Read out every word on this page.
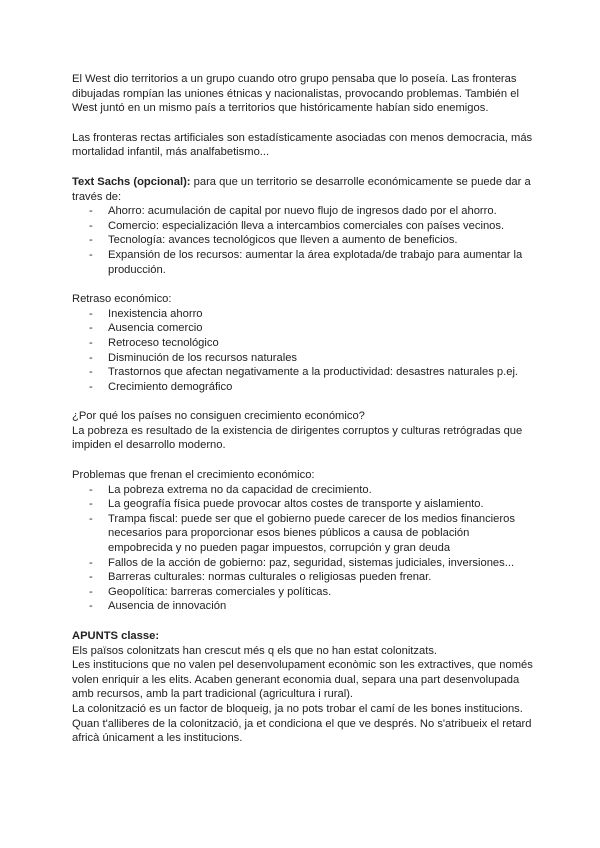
El West dio territorios a un grupo cuando otro grupo pensaba que lo poseía. Las fronteras dibujadas rompían las uniones étnicas y nacionalistas, provocando problemas. También el West juntó en un mismo país a territorios que históricamente habían sido enemigos.

Las fronteras rectas artificiales son estadísticamente asociadas con menos democracia, más mortalidad infantil, más analfabetismo...

Text Sachs (opcional): para que un territorio se desarrolle económicamente se puede dar a través de:

- Ahorro: acumulación de capital por nuevo flujo de ingresos dado por el ahorro.
- Comercio: especialización lleva a intercambios comerciales con países vecinos.
- Tecnología: avances tecnológicos que lleven a aumento de beneficios.
- Expansión de los recursos: aumentar la área explotada/de trabajo para aumentar la producción.

Retraso económico:

- Inexistencia ahorro
- Ausencia comercio
- Retroceso tecnológico
- Disminución de los recursos naturales
- Trastornos que afectan negativamente a la productividad: desastres naturales p.ej.
- Crecimiento demográfico

¿Por qué los países no consiguen crecimiento económico?

La pobreza es resultado de la existencia de dirigentes corruptos y culturas retrógradas que impiden el desarrollo moderno.

Problemas que frenan el crecimiento económico:

- La pobreza extrema no da capacidad de crecimiento.
- La geografía física puede provocar altos costes de transporte y aislamiento.
- Trampa fiscal: puede ser que el gobierno puede carecer de los medios financieros necesarios para proporcionar esos bienes públicos a causa de población empobrecida y no pueden pagar impuestos, corrupción y gran deuda
- Fallos de la acción de gobierno: paz, seguridad, sistemas judiciales, inversiones...
- Barreras culturales: normas culturales o religiosas pueden frenar.
- Geopolítica: barreras comerciales y políticas.
- Ausencia de innovación

APUNTS classe:

Els països colonitzats han crescut més q els que no han estat colonitzats.

Les institucions que no valen pel desenvolupament econòmic son les extractives, que només volen enriquir a les elits. Acaben generant economia dual, separa una part desenvolupada amb recursos, amb la part tradicional (agricultura i rural).

La colonització es un factor de bloqueig, ja no pots trobar el camí de les bones institucions. Quan t'alliberes de la colonització, ja et condiciona el que ve després. No s'atribueix el retard africà únicament a les institucions.
